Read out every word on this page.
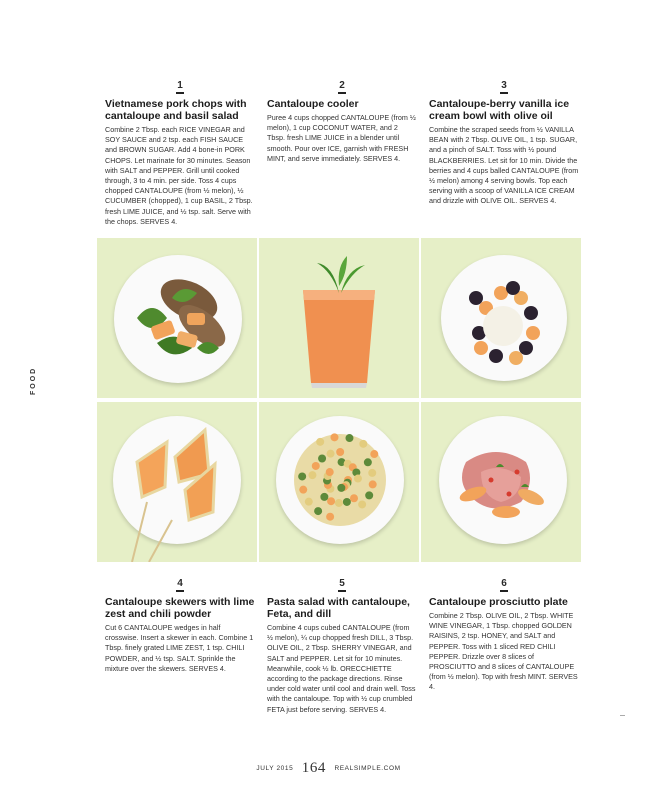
FOOD
1
Vietnamese pork chops with cantaloupe and basil salad
Combine 2 Tbsp. each RICE VINEGAR and SOY SAUCE and 2 tsp. each FISH SAUCE and BROWN SUGAR. Add 4 bone-in PORK CHOPS. Let marinate for 30 minutes. Season with SALT and PEPPER. Grill until cooked through, 3 to 4 min. per side. Toss 4 cups chopped CANTALOUPE (from ½ melon), ½ CUCUMBER (chopped), 1 cup BASIL, 2 Tbsp. fresh LIME JUICE, and ½ tsp. salt. Serve with the chops. SERVES 4.
2
Cantaloupe cooler
Puree 4 cups chopped CANTALOUPE (from ½ melon), 1 cup COCONUT WATER, and 2 Tbsp. fresh LIME JUICE in a blender until smooth. Pour over ICE, garnish with FRESH MINT, and serve immediately. SERVES 4.
3
Cantaloupe-berry vanilla ice cream bowl with olive oil
Combine the scraped seeds from ½ VANILLA BEAN with 2 Tbsp. OLIVE OIL, 1 tsp. SUGAR, and a pinch of SALT. Toss with ½ pound BLACKBERRIES. Let sit for 10 min. Divide the berries and 4 cups balled CANTALOUPE (from ½ melon) among 4 serving bowls. Top each serving with a scoop of VANILLA ICE CREAM and drizzle with OLIVE OIL. SERVES 4.
4
Cantaloupe skewers with lime zest and chili powder
Cut 6 CANTALOUPE wedges in half crosswise. Insert a skewer in each. Combine 1 Tbsp. finely grated LIME ZEST, 1 tsp. CHILI POWDER, and ½ tsp. SALT. Sprinkle the mixture over the skewers. SERVES 4.
5
Pasta salad with cantaloupe, Feta, and dill
Combine 4 cups cubed CANTALOUPE (from ½ melon), ¼ cup chopped fresh DILL, 3 Tbsp. OLIVE OIL, 2 Tbsp. SHERRY VINEGAR, and SALT and PEPPER. Let sit for 10 minutes. Meanwhile, cook ½ lb. ORECCHIETTE according to the package directions. Rinse under cold water until cool and drain well. Toss with the cantaloupe. Top with ½ cup crumbled FETA just before serving. SERVES 4.
6
Cantaloupe prosciutto plate
Combine 2 Tbsp. OLIVE OIL, 2 Tbsp. WHITE WINE VINEGAR, 1 Tbsp. chopped GOLDEN RAISINS, 2 tsp. HONEY, and SALT and PEPPER. Toss with 1 sliced RED CHILI PEPPER. Drizzle over 8 slices of PROSCIUTTO and 8 slices of CANTALOUPE (from ½ melon). Top with fresh MINT. SERVES 4.
JULY 2015 164 REALSIMPLE.COM
